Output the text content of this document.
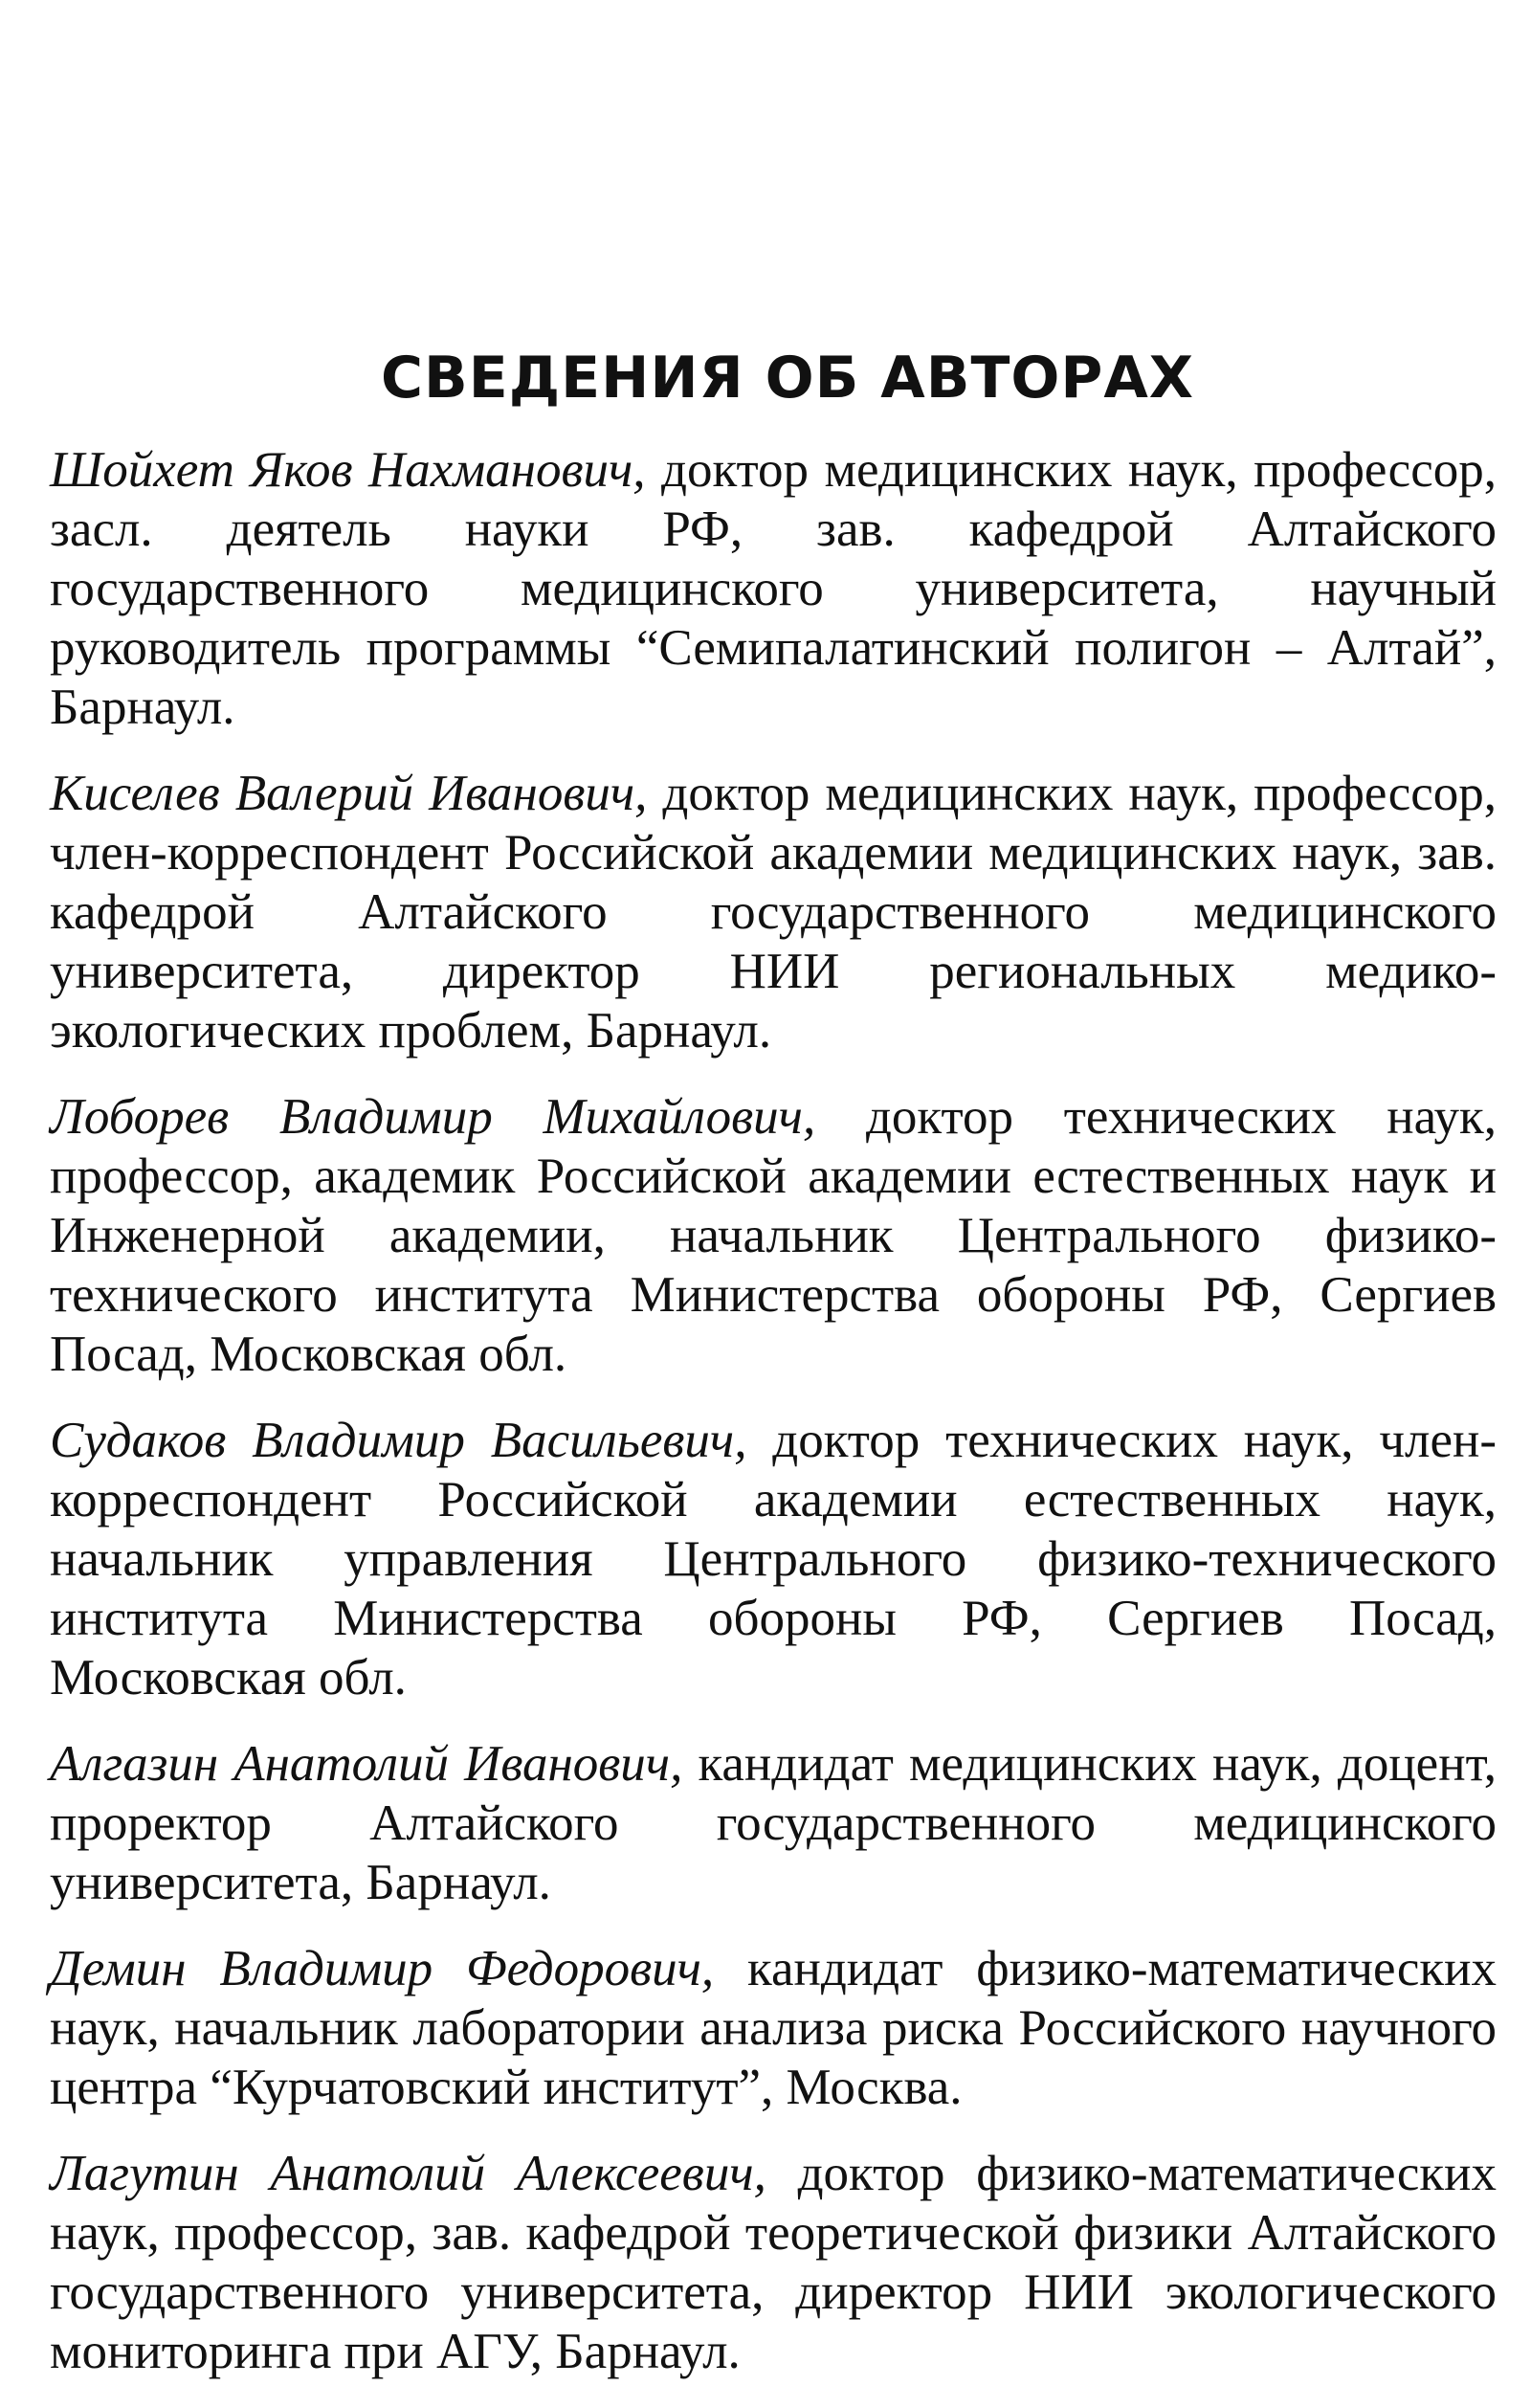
СВЕДЕНИЯ ОБ АВТОРАХ

Шойхет Яков Нахманович, доктор медицинских наук, профессор, засл. деятель науки РФ, зав. кафедрой Алтайского государственного медицинского университета, научный руководитель программы “Семипалатинский полигон – Алтай”, Барнаул.

Киселев Валерий Иванович, доктор медицинских наук, профессор, член-корреспондент Российской академии медицинских наук, зав. кафедрой Алтайского государственного медицинского университета, директор НИИ региональных медико-экологических проблем, Барнаул.

Лоборев Владимир Михайлович, доктор технических наук, профессор, академик Российской академии естественных наук и Инженерной академии, начальник Центрального физико-технического института Министерства обороны РФ, Сергиев Посад, Московская обл.

Судаков Владимир Васильевич, доктор технических наук, член-корреспондент Российской академии естественных наук, начальник управления Центрального физико-технического института Министерства обороны РФ, Сергиев Посад, Московская обл.

Алгазин Анатолий Иванович, кандидат медицинских наук, доцент, проректор Алтайского государственного медицинского университета, Барнаул.

Демин Владимир Федорович, кандидат физико-математических наук, начальник лаборатории анализа риска Российского научного центра “Курчатовский институт”, Москва.

Лагутин Анатолий Алексеевич, доктор физико-математических наук, профессор, зав. кафедрой теоретической физики Алтайского государственного университета, директор НИИ экологического мониторинга при АГУ, Барнаул.
